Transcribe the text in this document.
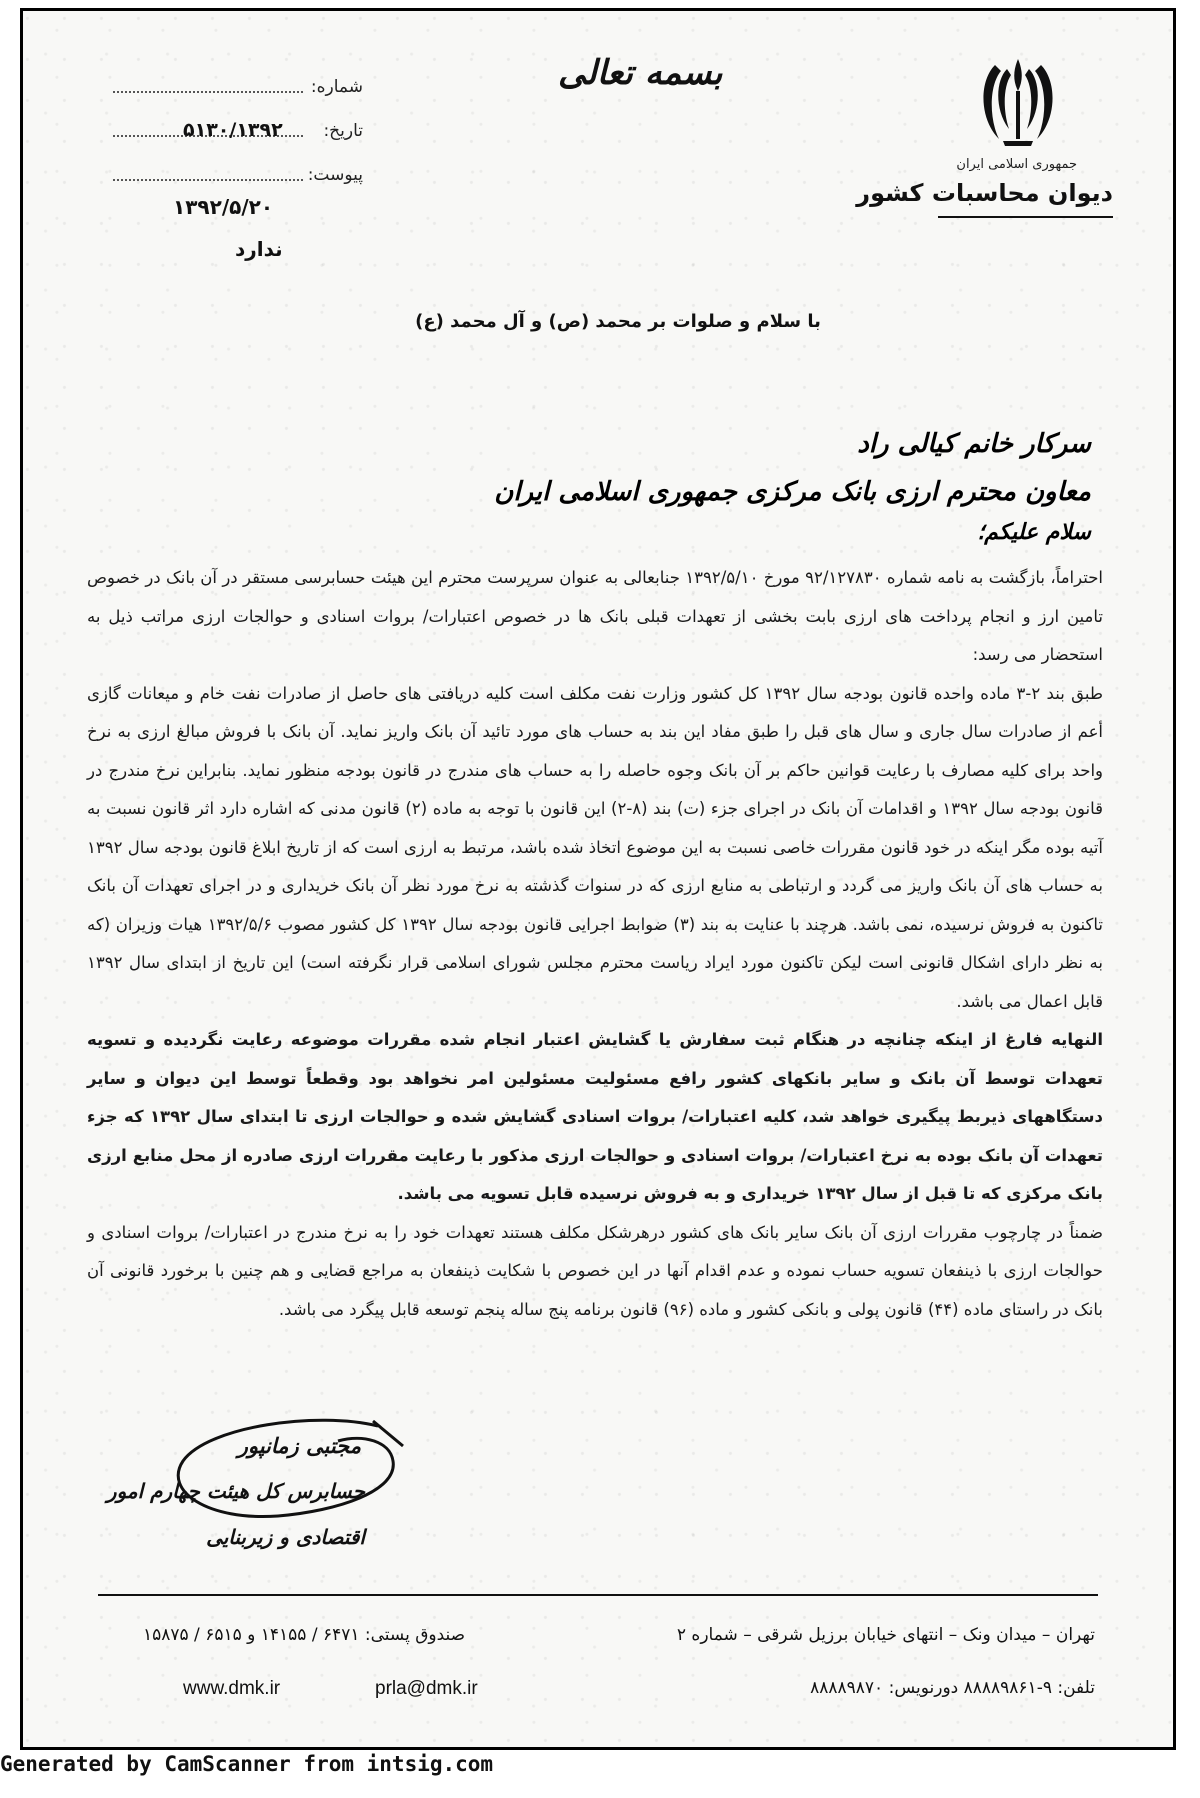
جمهوری اسلامی ایران
دیوان محاسبات کشور
بسمه تعالی
شماره:
تاریخ:
۵۱۳۰/۱۳۹۲
پیوست:
۱۳۹۲/۵/۲۰
ندارد
با سلام و صلوات بر محمد (ص) و آل محمد (ع)
سرکار خانم کیالی راد
معاون محترم ارزی بانک مرکزی جمهوری اسلامی ایران
سلام علیکم؛

احتراماً، بازگشت به نامه شماره ۹۲/۱۲۷۸۳۰ مورخ ۱۳۹۲/۵/۱۰ جنابعالی به عنوان سرپرست محترم این هیئت حسابرسی مستقر در آن بانک در خصوص تامین ارز و انجام پرداخت های ارزی بابت بخشی از تعهدات قبلی بانک ها در خصوص اعتبارات/ بروات اسنادی و حوالجات ارزی مراتب ذیل به استحضار می رسد:

طبق بند ۲-۳ ماده واحده قانون بودجه سال ۱۳۹۲ کل کشور وزارت نفت مکلف است کلیه دریافتی های حاصل از صادرات نفت خام و میعانات گازی أعم از صادرات سال جاری و سال های قبل را طبق مفاد این بند به حساب های مورد تائید آن بانک واریز نماید. آن بانک با فروش مبالغ ارزی به نرخ واحد برای کلیه مصارف با رعایت قوانین حاکم بر آن بانک وجوه حاصله را به حساب های مندرج در قانون بودجه منظور نماید. بنابراین نرخ مندرج در قانون بودجه سال ۱۳۹۲ و اقدامات آن بانک در اجرای جزء (ت) بند (۸-۲) این قانون با توجه به ماده (۲) قانون مدنی که اشاره دارد اثر قانون نسبت به آتیه بوده مگر اینکه در خود قانون مقررات خاصی نسبت به این موضوع اتخاذ شده باشد، مرتبط به ارزی است که از تاریخ ابلاغ قانون بودجه سال ۱۳۹۲ به حساب های آن بانک واریز می گردد و ارتباطی به منابع ارزی که در سنوات گذشته به نرخ مورد نظر آن بانک خریداری و در اجرای تعهدات آن بانک تاکنون به فروش نرسیده، نمی باشد. هرچند با عنایت به بند (۳) ضوابط اجرایی قانون بودجه سال ۱۳۹۲ کل کشور مصوب ۱۳۹۲/۵/۶ هیات وزیران (که به نظر دارای اشکال قانونی است لیکن تاکنون مورد ایراد ریاست محترم مجلس شورای اسلامی قرار نگرفته است) این تاریخ از ابتدای سال ۱۳۹۲ قابل اعمال می باشد.

النهایه فارغ از اینکه چنانچه در هنگام ثبت سفارش یا گشایش اعتبار انجام شده مقررات موضوعه رعایت نگردیده و تسویه تعهدات توسط آن بانک و سایر بانکهای کشور رافع مسئولیت مسئولین امر نخواهد بود وقطعاً توسط این دیوان و سایر دستگاههای ذیربط پیگیری خواهد شد، کلیه اعتبارات/ بروات اسنادی گشایش شده و حوالجات ارزی تا ابتدای سال ۱۳۹۲ که جزء تعهدات آن بانک بوده به نرخ اعتبارات/ بروات اسنادی و حوالجات ارزی مذکور با رعایت مقررات ارزی صادره از محل منابع ارزی بانک مرکزی که تا قبل از سال ۱۳۹۲ خریداری و به فروش نرسیده قابل تسویه می باشد.

ضمناً در چارچوب مقررات ارزی آن بانک سایر بانک های کشور درهرشکل مکلف هستند تعهدات خود را به نرخ مندرج در اعتبارات/ بروات اسنادی و حوالجات ارزی با ذینفعان تسویه حساب نموده و عدم اقدام آنها در این خصوص با شکایت ذینفعان به مراجع قضایی و هم چنین با برخورد قانونی آن بانک در راستای ماده (۴۴) قانون پولی و بانکی کشور و ماده (۹۶) قانون برنامه پنج ساله پنجم توسعه قابل پیگرد می باشد.

مجتبی زمانپور
حسابرس کل هیئت چهارم امور
اقتصادی و زیربنایی
تهران – میدان ونک – انتهای خیابان برزیل شرقی – شماره ۲
صندوق پستی: ۶۴۷۱ / ۱۴۱۵۵ و ۶۵۱۵ / ۱۵۸۷۵
تلفن: ۹-۸۸۸۸۹۸۶۱ دورنویس: ۸۸۸۸۹۸۷۰
www.dmk.ir	prla@dmk.ir
Generated by CamScanner from intsig.com
